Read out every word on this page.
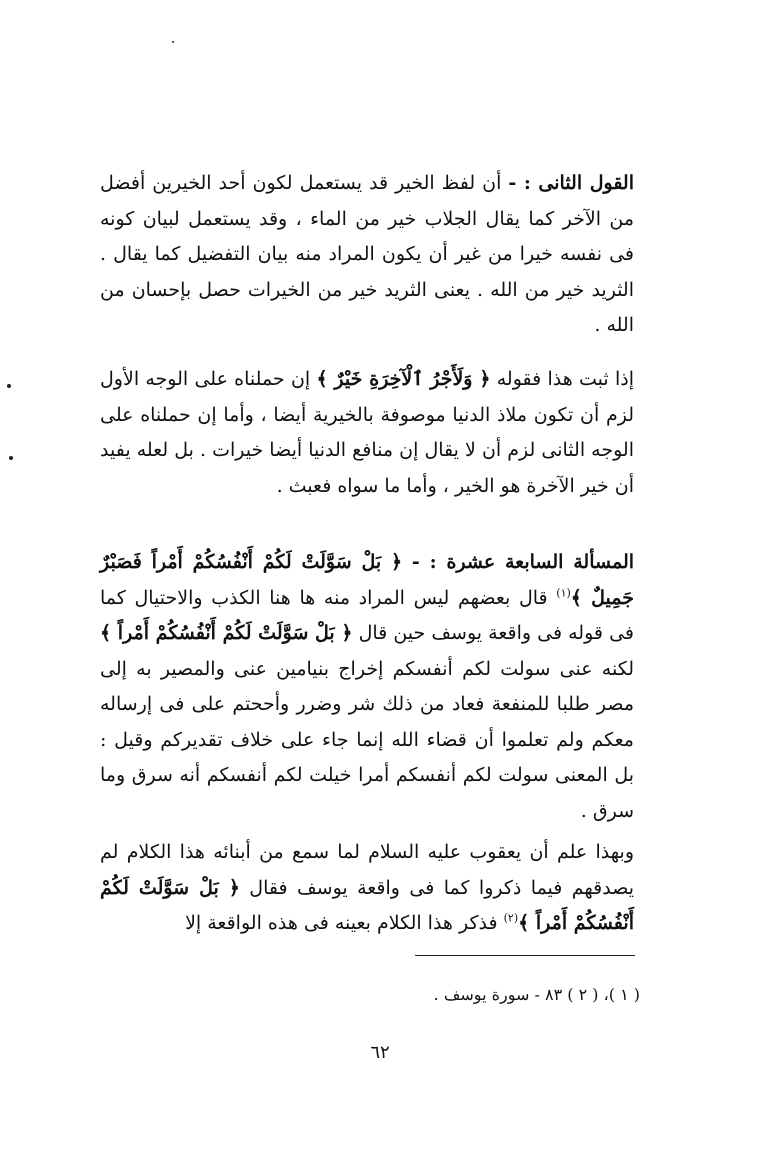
القول الثانى : - أن لفظ الخير قد يستعمل لكون أحد الخيرين أفضل من الآخر كما يقال الجلاب خير من الماء ، وقد يستعمل لبيان كونه فى نفسه خيرا من غير أن يكون المراد منه بيان التفضيل كما يقال . الثريد خير من الله . يعنى الثريد خير من الخيرات حصل بإحسان من الله .

إذا ثبت هذا فقوله ﴿ وَلَأَجْرُ ٱلْآخِرَةِ خَيْرٌ ﴾ إن حملناه على الوجه الأول لزم أن تكون ملاذ الدنيا موصوفة بالخيرية أيضا ، وأما إن حملناه على الوجه الثانى لزم أن لا يقال إن منافع الدنيا أيضا خيرات . بل لعله يفيد أن خير الآخرة هو الخير ، وأما ما سواه فعبث .

المسألة السابعة عشرة : - ﴿ بَلْ سَوَّلَتْ لَكُمْ أَنْفُسُكُمْ أَمْراً فَصَبْرٌ جَمِيلٌ ﴾$^{(١)}$ قال بعضهم ليس المراد منه ها هنا الكذب والاحتيال كما فى قوله فى واقعة يوسف حين قال ﴿ بَلْ سَوَّلَتْ لَكُمْ أَنْفُسُكُمْ أَمْراً ﴾ لكنه عنى سولت لكم أنفسكم إخراج بنيامين عنى والمصير به إلى مصر طلبا للمنفعة فعاد من ذلك شر وضرر وأححتم على فى إرساله معكم ولم تعلموا أن قضاء الله إنما جاء على خلاف تقديركم وقيل : بل المعنى سولت لكم أنفسكم أمرا خيلت لكم أنفسكم أنه سرق وما سرق .

وبهذا علم أن يعقوب عليه السلام لما سمع من أبنائه هذا الكلام لم يصدقهم فيما ذكروا كما فى واقعة يوسف فقال ﴿ بَلْ سَوَّلَتْ لَكُمْ أَنْفُسُكُمْ أَمْراً ﴾$^{(٢)}$ فذكر هذا الكلام بعينه فى هذه الواقعة إلا

( ١ )، ( ٢ ) ٨٣ - سورة يوسف .

٦٢
